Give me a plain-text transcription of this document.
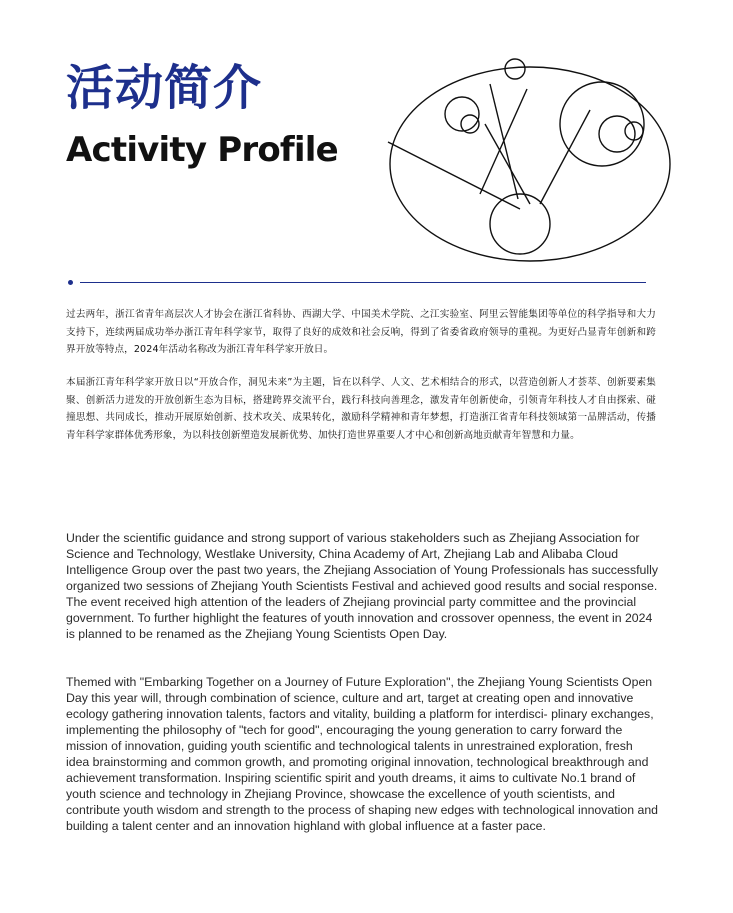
活动简介
Activity Profile

过去两年，浙江省青年高层次人才协会在浙江省科协、西湖大学、中国美术学院、之江实验室、阿里云智能集团等单位的科学指导和大力支持下，连续两届成功举办浙江青年科学家节，取得了良好的成效和社会反响，得到了省委省政府领导的重视。为更好凸显青年创新和跨界开放等特点，2024年活动名称改为浙江青年科学家开放日。

本届浙江青年科学家开放日以“开放合作，洞见未来”为主题，旨在以科学、人文、艺术相结合的形式，以营造创新人才荟萃、创新要素集聚、创新活力迸发的开放创新生态为目标，搭建跨界交流平台，践行科技向善理念，激发青年创新使命，引领青年科技人才自由探索、碰撞思想、共同成长，推动开展原始创新、技术攻关、成果转化，激励科学精神和青年梦想，打造浙江省青年科技领域第一品牌活动，传播青年科学家群体优秀形象，为以科技创新塑造发展新优势、加快打造世界重要人才中心和创新高地贡献青年智慧和力量。

Under the scientific guidance and strong support of various stakeholders such as Zhejiang Association for Science and Technology, Westlake University, China Academy of Art, Zhejiang Lab and Alibaba Cloud Intelligence Group over the past two years, the Zhejiang Association of Young Professionals has successfully organized two sessions of Zhejiang Youth Scientists Festival and achieved good results and social response. The event received high attention of the leaders of Zhejiang provincial party committee and the provincial government. To further highlight the features of youth innovation and crossover openness, the event in 2024 is planned to be renamed as the Zhejiang Young Scientists Open Day.

Themed with "Embarking Together on a Journey of Future Exploration", the Zhejiang Young Scientists Open Day this year will, through combination of science, culture and art, target at creating open and innovative ecology gathering innovation talents, factors and vitality, building a platform for interdisci- plinary exchanges, implementing the philosophy of "tech for good", encouraging the young generation to carry forward the mission of innovation, guiding youth scientific and technological talents in unrestrained exploration, fresh idea brainstorming and common growth, and promoting original innovation, technological breakthrough and achievement transformation. Inspiring scientific spirit and youth dreams, it aims to cultivate No.1 brand of youth science and technology in Zhejiang Province, showcase the excellence of youth scientists, and contribute youth wisdom and strength to the process of shaping new edges with technological innovation and building a talent center and an innovation highland with global influence at a faster pace.
